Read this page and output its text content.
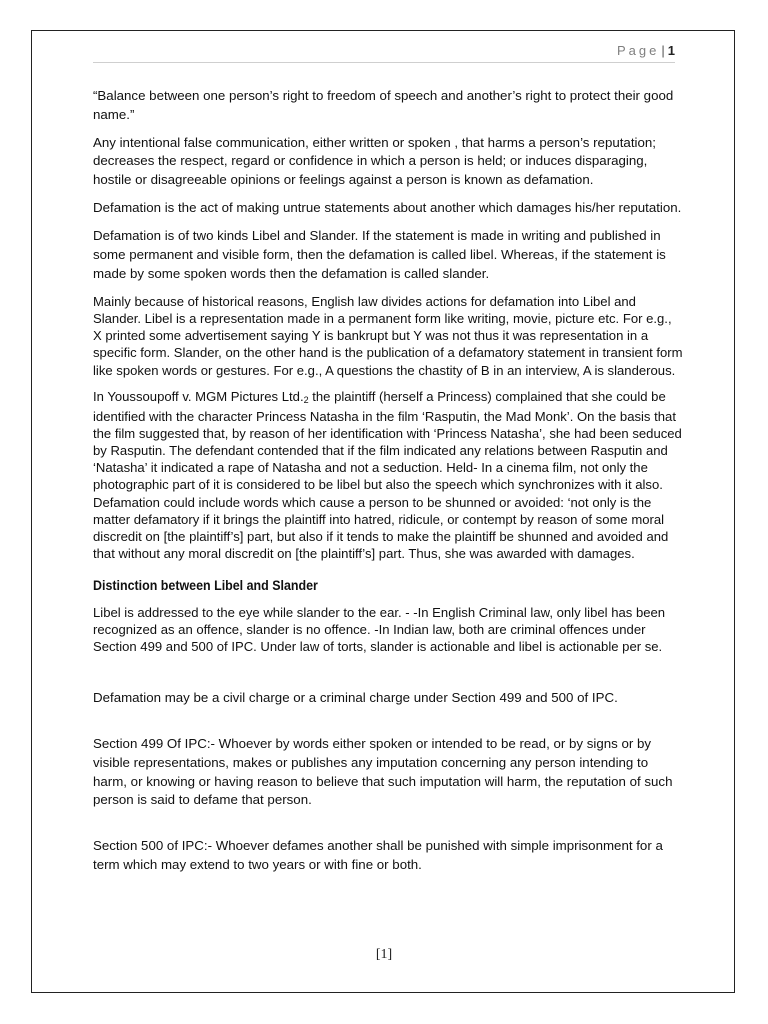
Page | 1

“Balance between one person’s right to freedom of speech and another’s right to protect their good name.”

Any intentional false communication, either written or spoken , that harms a person’s reputation; decreases the respect, regard or confidence in which a person is held; or induces disparaging, hostile or disagreeable opinions or feelings against a person is known as defamation.

Defamation is the act of making untrue statements about another which damages his/her reputation.

Defamation is of two kinds Libel and Slander. If the statement is made in writing and published in some permanent and visible form, then the defamation is called libel. Whereas, if the statement is made by some spoken words then the defamation is called slander.

Mainly because of historical reasons, English law divides actions for defamation into Libel and Slander. Libel is a representation made in a permanent form like writing, movie, picture etc. For e.g., X printed some advertisement saying Y is bankrupt but Y was not thus it was representation in a specific form. Slander, on the other hand is the publication of a defamatory statement in transient form like spoken words or gestures. For e.g., A questions the chastity of B in an interview, A is slanderous.

In Youssoupoff v. MGM Pictures $Ltd._2$ the plaintiff (herself a Princess) complained that she could be identified with the character Princess Natasha in the film ‘Rasputin, the Mad Monk’. On the basis that the film suggested that, by reason of her identification with ‘Princess Natasha’, she had been seduced by Rasputin. The defendant contended that if the film indicated any relations between Rasputin and ‘Natasha’ it indicated a rape of Natasha and not a seduction. Held- In a cinema film, not only the photographic part of it is considered to be libel but also the speech which synchronizes with it also. Defamation could include words which cause a person to be shunned or avoided: ‘not only is the matter defamatory if it brings the plaintiff into hatred, ridicule, or contempt by reason of some moral discredit on [the plaintiff’s] part, but also if it tends to make the plaintiff be shunned and avoided and that without any moral discredit on [the plaintiff’s] part. Thus, she was awarded with damages.

Distinction between Libel and Slander

Libel is addressed to the eye while slander to the ear. - -In English Criminal law, only libel has been recognized as an offence, slander is no offence. -In Indian law, both are criminal offences under Section 499 and 500 of IPC. Under law of torts, slander is actionable and libel is actionable per se.

Defamation may be a civil charge or a criminal charge under Section 499 and 500 of IPC.

Section 499 Of IPC:- Whoever by words either spoken or intended to be read, or by signs or by visible representations, makes or publishes any imputation concerning any person intending to harm, or knowing or having reason to believe that such imputation will harm, the reputation of such person is said to defame that person.

Section 500 of IPC:- Whoever defames another shall be punished with simple imprisonment for a term which may extend to two years or with fine or both.

[1]
